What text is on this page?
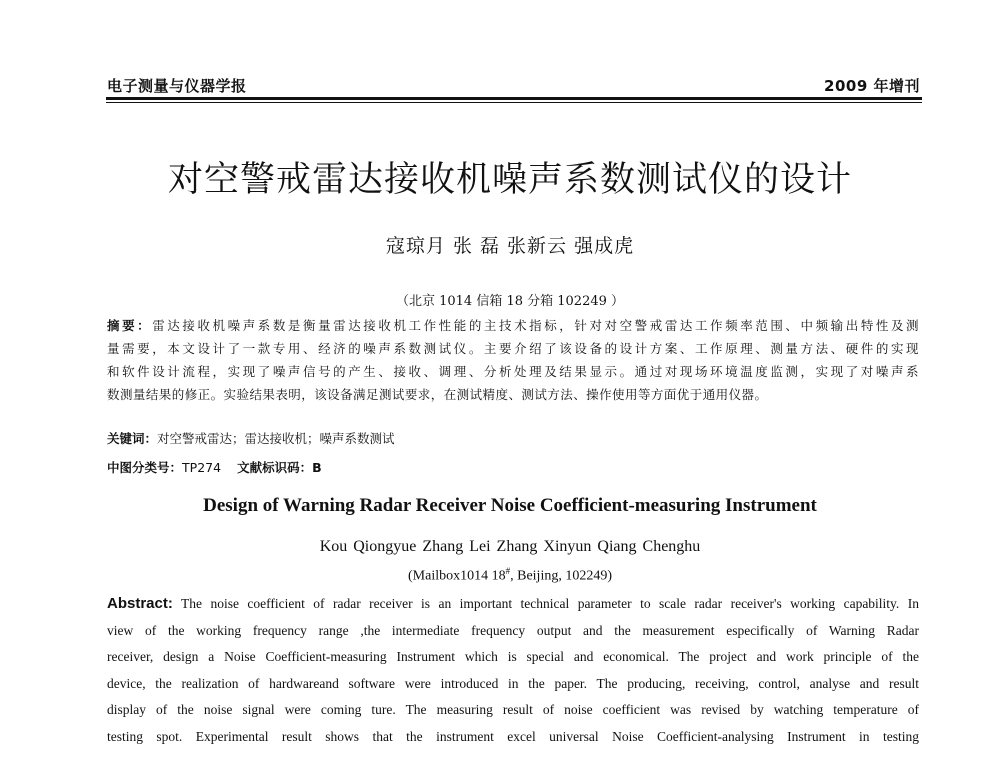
电子测量与仪器学报	2009 年增刊
对空警戒雷达接收机噪声系数测试仪的设计
寇琼月 张 磊 张新云 强成虎
（北京 1014 信箱 18 分箱 102249 ）
摘要：雷达接收机噪声系数是衡量雷达接收机工作性能的主技术指标，针对对空警戒雷达工作频率范围、中频输出特性及测
量需要，本文设计了一款专用、经济的噪声系数测试仪。主要介绍了该设备的设计方案、工作原理、测量方法、硬件的实现
和软件设计流程，实现了噪声信号的产生、接收、调理、分析处理及结果显示。通过对现场环境温度监测，实现了对噪声系
数测量结果的修正。实验结果表明，该设备满足测试要求，在测试精度、测试方法、操作使用等方面优于通用仪器。
关键词：对空警戒雷达；雷达接收机；噪声系数测试
中图分类号：TP274 文献标识码：B
Design of Warning Radar Receiver Noise Coefficient-measuring Instrument
Kou Qiongyue Zhang Lei Zhang Xinyun Qiang Chenghu
(Mailbox1014 18#, Beijing, 102249)
Abstract: The noise coefficient of radar receiver is an important technical parameter to scale radar receiver's working capability. In
view of the working frequency range ,the intermediate frequency output and the measurement especifically of Warning Radar
receiver, design a Noise Coefficient-measuring Instrument which is special and economical. The project and work principle of the
device, the realization of hardwareand software were introduced in the paper. The producing, receiving, control, analyse and result
display of the noise signal were coming ture. The measuring result of noise coefficient was revised by watching temperature of
testing spot. Experimental result shows that the instrument excel universal Noise Coefficient-analysing Instrument in testing
